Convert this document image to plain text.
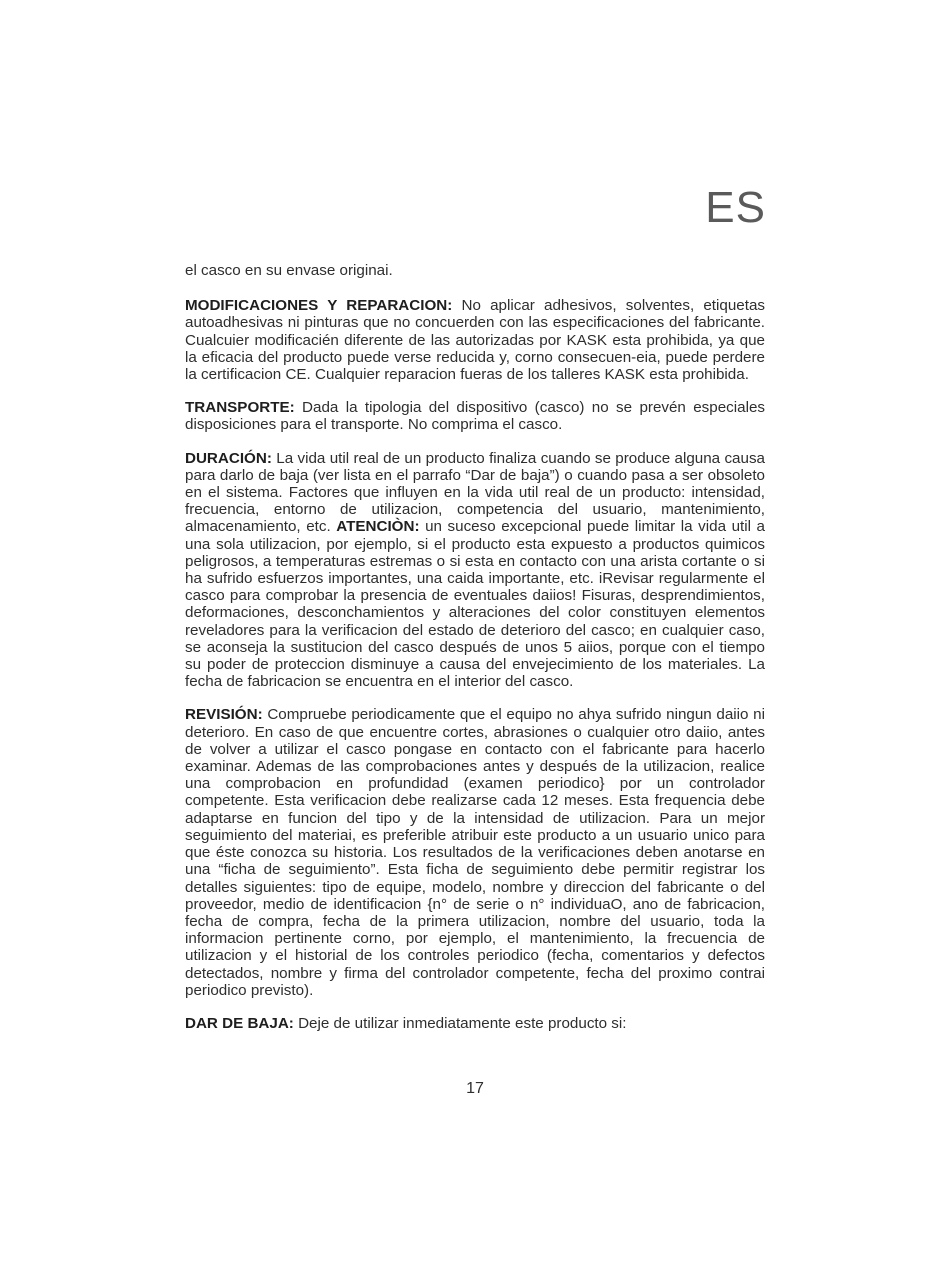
ES

el casco en su envase originai.

MODIFICACIONES Y REPARACION: No aplicar adhesivos, solventes, etiquetas autoadhesivas ni pinturas que no concuerden con las especificaciones del fabricante. Cualcuier modificacién diferente de las autorizadas por KASK esta prohibida, ya que la eficacia del producto puede verse reducida y, corno consecuen-eia, puede perdere la certificacion CE. Cualquier reparacion fueras de los talleres KASK esta prohibida.

TRANSPORTE: Dada la tipologia del dispositivo (casco) no se prevén especiales disposiciones para el transporte. No comprima el casco.

DURACIÓN: La vida util real de un producto finaliza cuando se produce alguna causa para darlo de baja (ver lista en el parrafo “Dar de baja”) o cuando pasa a ser obsoleto en el sistema. Factores que influyen en la vida util real de un producto: intensidad, frecuencia, entorno de utilizacion, competencia del usuario, mantenimiento, almacenamiento, etc. ATENCIÒN: un suceso excepcional puede limitar la vida util a una sola utilizacion, por ejemplo, si el producto esta expuesto a productos quimicos peligrosos, a temperaturas estremas o si esta en contacto con una arista cortante o si ha sufrido esfuerzos importantes, una caida importante, etc. iRevisar regularmente el casco para comprobar la presencia de eventuales daiios! Fisuras, desprendimientos, deformaciones, desconchamientos y alteraciones del color constituyen elementos reveladores para la verificacion del estado de deterioro del casco; en cualquier caso, se aconseja la sustitucion del casco después de unos 5 aiios, porque con el tiempo su poder de proteccion disminuye a causa del envejecimiento de los materiales. La fecha de fabricacion se encuentra en el interior del casco.

REVISIÓN: Compruebe periodicamente que el equipo no ahya sufrido ningun daiio ni deterioro. En caso de que encuentre cortes, abrasiones o cualquier otro daiio, antes de volver a utilizar el casco pongase en contacto con el fabricante para hacerlo examinar. Ademas de las comprobaciones antes y después de la utilizacion, realice una comprobacion en profundidad (examen periodico} por un controlador competente. Esta verificacion debe realizarse cada 12 meses. Esta frequencia debe adaptarse en funcion del tipo y de la intensidad de utilizacion. Para un mejor seguimiento del materiai, es preferible atribuir este producto a un usuario unico para que éste conozca su historia. Los resultados de la verificaciones deben anotarse en una “ficha de seguimiento”. Esta ficha de seguimiento debe permitir registrar los detalles siguientes: tipo de equipe, modelo, nombre y direccion del fabricante o del proveedor, medio de identificacion {n° de serie o n° individuaO, ano de fabricacion, fecha de compra, fecha de la primera utilizacion, nombre del usuario, toda la informacion pertinente corno, por ejemplo, el mantenimiento, la frecuencia de utilizacion y el historial de los controles periodico (fecha, comentarios y defectos detectados, nombre y firma del controlador competente, fecha del proximo contrai periodico previsto).

DAR DE BAJA: Deje de utilizar inmediatamente este producto si:

17
